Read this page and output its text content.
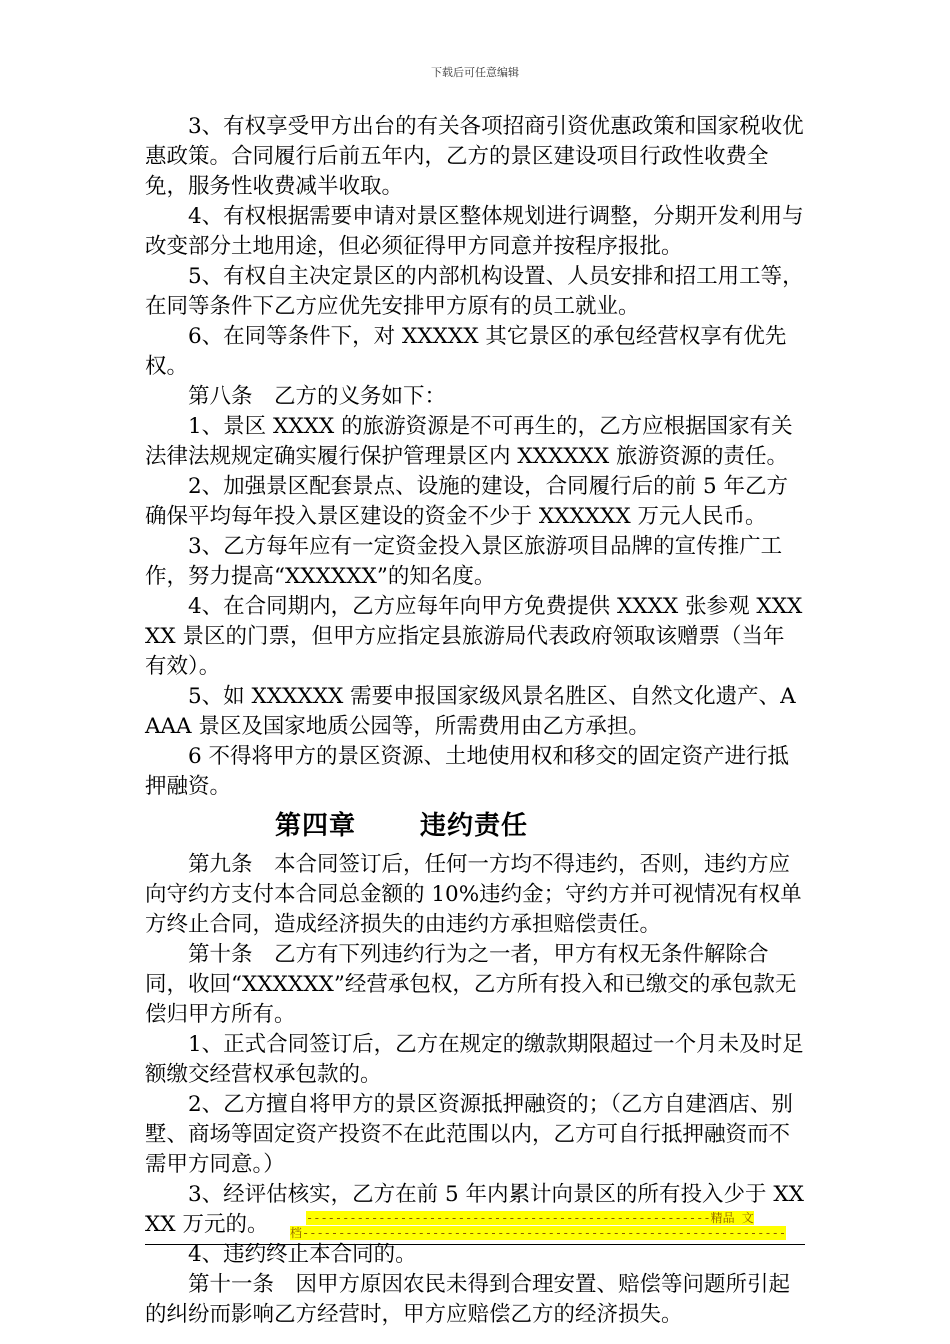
下载后可任意编辑

3、有权享受甲方出台的有关各项招商引资优惠政策和国家税收优惠政策。合同履行后前五年内，乙方的景区建设项目行政性收费全免，服务性收费减半收取。

4、有权根据需要申请对景区整体规划进行调整，分期开发利用与改变部分土地用途，但必须征得甲方同意并按程序报批。

5、有权自主决定景区的内部机构设置、人员安排和招工用工等，在同等条件下乙方应优先安排甲方原有的员工就业。

6、在同等条件下，对 XXXXX 其它景区的承包经营权享有优先权。

第八条　乙方的义务如下：

1、景区 XXXX 的旅游资源是不可再生的，乙方应根据国家有关法律法规规定确实履行保护管理景区内 XXXXXX 旅游资源的责任。

2、加强景区配套景点、设施的建设，合同履行后的前 5 年乙方确保平均每年投入景区建设的资金不少于 XXXXXX 万元人民币。

3、乙方每年应有一定资金投入景区旅游项目品牌的宣传推广工作，努力提高“XXXXXX”的知名度。

4、在合同期内，乙方应每年向甲方免费提供 XXXX 张参观 XXXXX 景区的门票，但甲方应指定县旅游局代表政府领取该赠票（当年有效）。

5、如 XXXXXX 需要申报国家级风景名胜区、自然文化遗产、AAAA 景区及国家地质公园等，所需费用由乙方承担。

6 不得将甲方的景区资源、土地使用权和移交的固定资产进行抵押融资。

第四章 违约责任

第九条　本合同签订后，任何一方均不得违约，否则，违约方应向守约方支付本合同总金额的 10%违约金；守约方并可视情况有权单方终止合同，造成经济损失的由违约方承担赔偿责任。

第十条　乙方有下列违约行为之一者，甲方有权无条件解除合同，收回“XXXXXX”经营承包权，乙方所有投入和已缴交的承包款无偿归甲方所有。

1、正式合同签订后，乙方在规定的缴款期限超过一个月未及时足额缴交经营权承包款的。

2、乙方擅自将甲方的景区资源抵押融资的；（乙方自建酒店、别墅、商场等固定资产投资不在此范围以内，乙方可自行抵押融资而不需甲方同意。）

3、经评估核实，乙方在前 5 年内累计向景区的所有投入少于 XXXX 万元的。

4、违约终止本合同的。

第十一条　因甲方原因农民未得到合理安置、赔偿等问题所引起的纠纷而影响乙方经营时，甲方应赔偿乙方的经济损失。

--------------------------------------------------------精品 文
档-------------------------------------------------------------------
